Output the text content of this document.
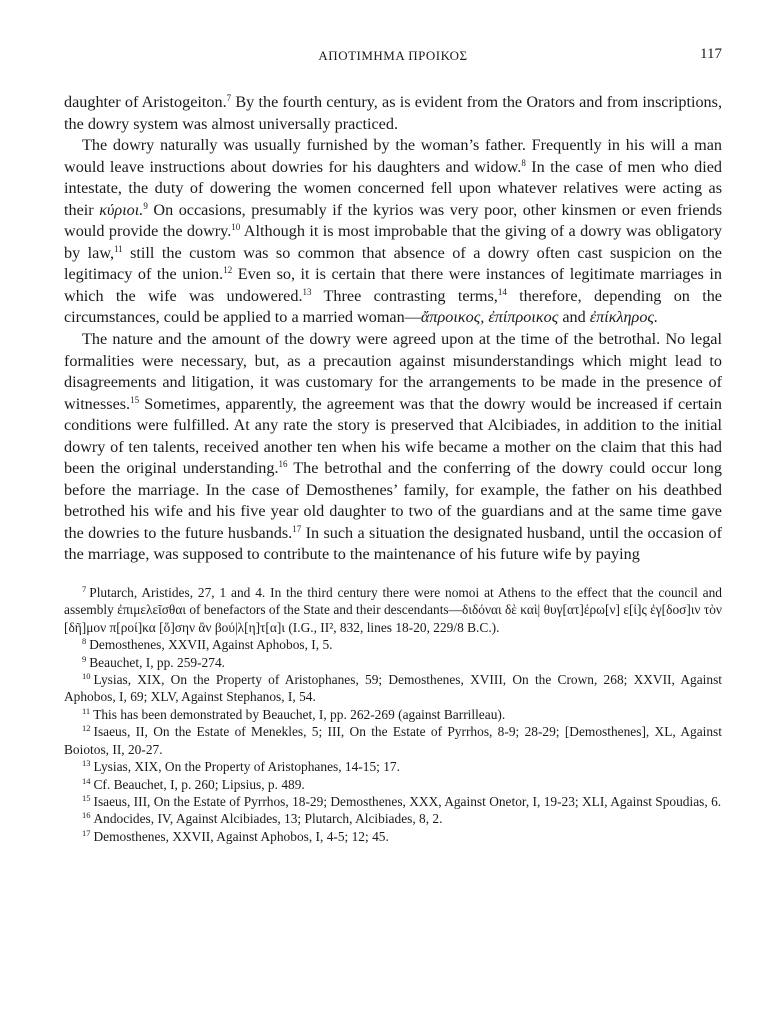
ΑΠΟΤΙΜΗΜΑ ΠΡΟΙΚΟΣ	117

daughter of Aristogeiton.$^7$ By the fourth century, as is evident from the Orators and from inscriptions, the dowry system was almost universally practiced.

The dowry naturally was usually furnished by the woman’s father. Frequently in his will a man would leave instructions about dowries for his daughters and widow.$^8$ In the case of men who died intestate, the duty of dowering the women concerned fell upon whatever relatives were acting as their κύριοι.$^9$ On occasions, presumably if the kyrios was very poor, other kinsmen or even friends would provide the dowry.$^{10}$ Although it is most improbable that the giving of a dowry was obligatory by law,$^{11}$ still the custom was so common that absence of a dowry often cast suspicion on the legitimacy of the union.$^{12}$ Even so, it is certain that there were instances of legitimate marriages in which the wife was undowered.$^{13}$ Three contrasting terms,$^{14}$ therefore, depending on the circumstances, could be applied to a married woman—ἄπροικος, ἐπίπροικος and ἐπίκληρος.

The nature and the amount of the dowry were agreed upon at the time of the betrothal. No legal formalities were necessary, but, as a precaution against misunderstandings which might lead to disagreements and litigation, it was customary for the arrangements to be made in the presence of witnesses.$^{15}$ Sometimes, apparently, the agreement was that the dowry would be increased if certain conditions were fulfilled. At any rate the story is preserved that Alcibiades, in addition to the initial dowry of ten talents, received another ten when his wife became a mother on the claim that this had been the original understanding.$^{16}$ The betrothal and the conferring of the dowry could occur long before the marriage. In the case of Demosthenes’ family, for example, the father on his deathbed betrothed his wife and his five year old daughter to two of the guardians and at the same time gave the dowries to the future husbands.$^{17}$ In such a situation the designated husband, until the occasion of the marriage, was supposed to contribute to the maintenance of his future wife by paying

$^7$ Plutarch, Aristides, 27, 1 and 4. In the third century there were nomoi at Athens to the effect that the council and assembly ἐπιμελεῖσθαι of benefactors of the State and their descendants—διδόναι δὲ καὶ| θυγ[ατ]έρω[ν] ε[ἰ]ς ἐγ[δοσ]ιν τὸν [δῆ]μον π[ροί]κα [ὅ]σην ἂν βού|λ[η]τ[α]ι (I.G., II², 832, lines 18-20, 229/8 B.C.).

$^8$ Demosthenes, XXVII, Against Aphobos, I, 5.

$^9$ Beauchet, I, pp. 259-274.

$^{10}$ Lysias, XIX, On the Property of Aristophanes, 59; Demosthenes, XVIII, On the Crown, 268; XXVII, Against Aphobos, I, 69; XLV, Against Stephanos, I, 54.

$^{11}$ This has been demonstrated by Beauchet, I, pp. 262-269 (against Barrilleau).

$^{12}$ Isaeus, II, On the Estate of Menekles, 5; III, On the Estate of Pyrrhos, 8-9; 28-29; [Demosthenes], XL, Against Boiotos, II, 20-27.

$^{13}$ Lysias, XIX, On the Property of Aristophanes, 14-15; 17.

$^{14}$ Cf. Beauchet, I, p. 260; Lipsius, p. 489.

$^{15}$ Isaeus, III, On the Estate of Pyrrhos, 18-29; Demosthenes, XXX, Against Onetor, I, 19-23; XLI, Against Spoudias, 6.

$^{16}$ Andocides, IV, Against Alcibiades, 13; Plutarch, Alcibiades, 8, 2.

$^{17}$ Demosthenes, XXVII, Against Aphobos, I, 4-5; 12; 45.
